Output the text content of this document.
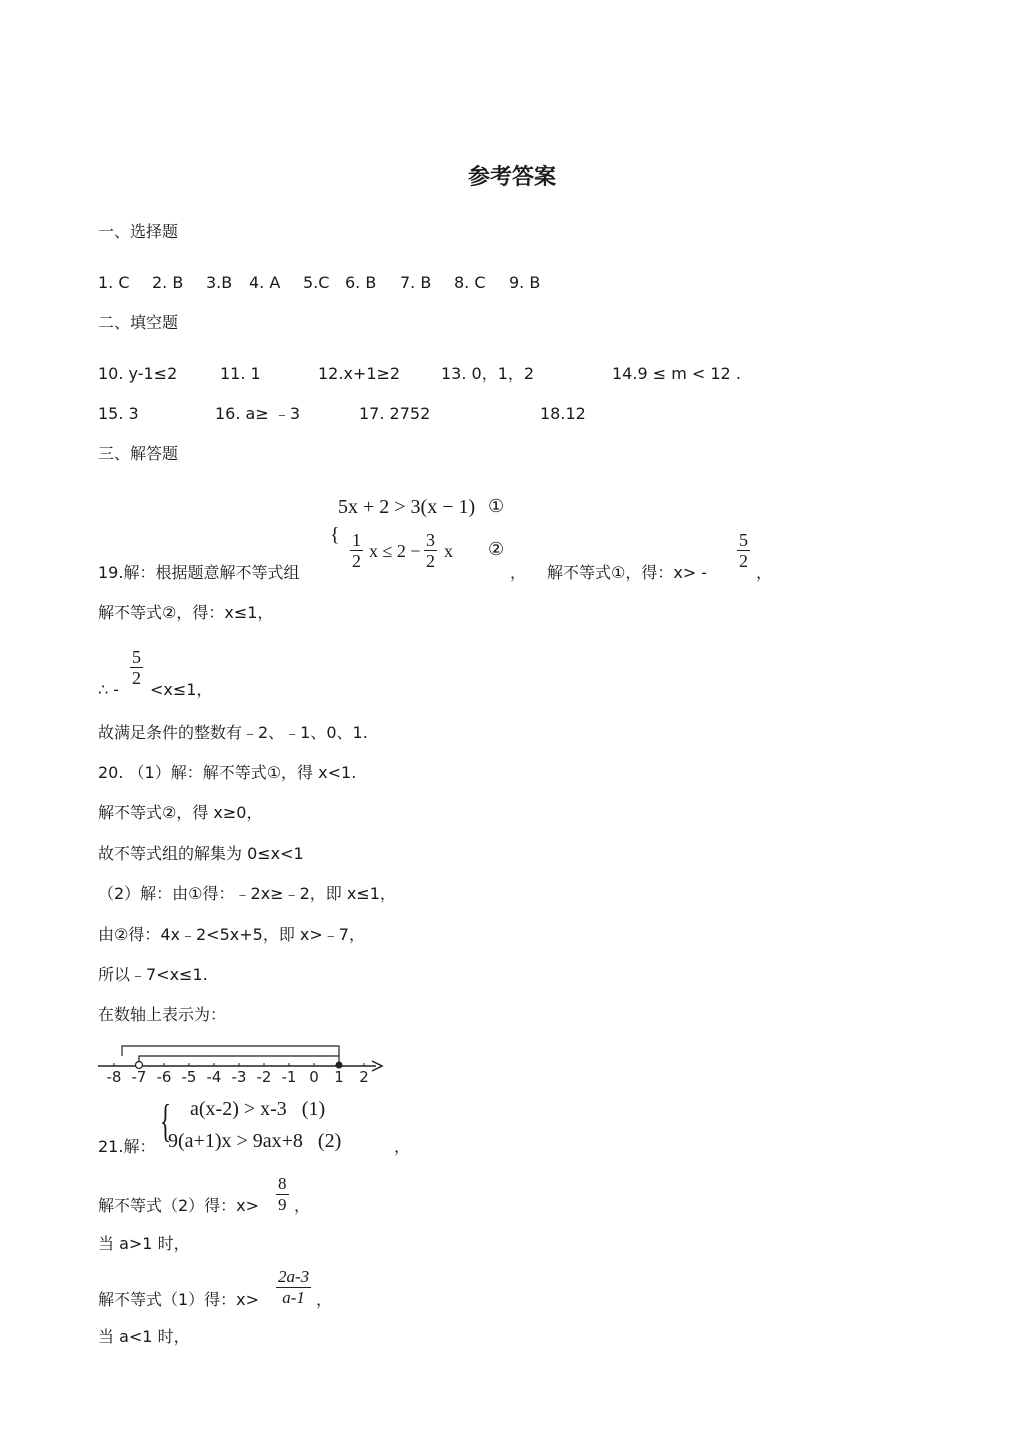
参考答案
一、选择题
1. C 2. B 3.B 4. A 5.C 6. B 7. B 8. C 9. B
二、填空题
10. y-1≤2	11. 1	12.x+1≥2	13. 0，1，2	14.9 ≤ m < 12 .
15. 3	16. a≥ ﹣3	17. 2752	18.12
三、解答题
{
5x + 2 > 3(x − 1) ①
$\frac{1}{2}$ $x \le 2 - \frac{3}{2}$ x ②
19.解：根据题意解不等式组	， 解不等式①，得：x> -
$\frac{5}{2}$
，
解不等式②，得：x≤1，
∴ -
$\frac{5}{2}$
<x≤1，
故满足条件的整数有﹣2、﹣1、0、1.
20. （1）解：解不等式①，得 x<1.
解不等式②，得 x≥0，
故不等式组的解集为 0≤x<1
（2）解：由①得：﹣2x≥﹣2，即 x≤1，
由②得：4x﹣2<5x+5，即 x>﹣7，
所以﹣7<x≤1.
在数轴上表示为：
-8 -7 -6 -5 -4 -3 -2 -1 0 1 2
{ a(x-2) > x-3   (1)
9(a+1)x > 9ax+8   (2)
21.解：	，
解不等式（2）得：$x> \frac{8}{9}$ ，
当 a>1 时，
解不等式（1）得：$x> \frac{2a-3}{a-1}$ ，
当 a<1 时，
